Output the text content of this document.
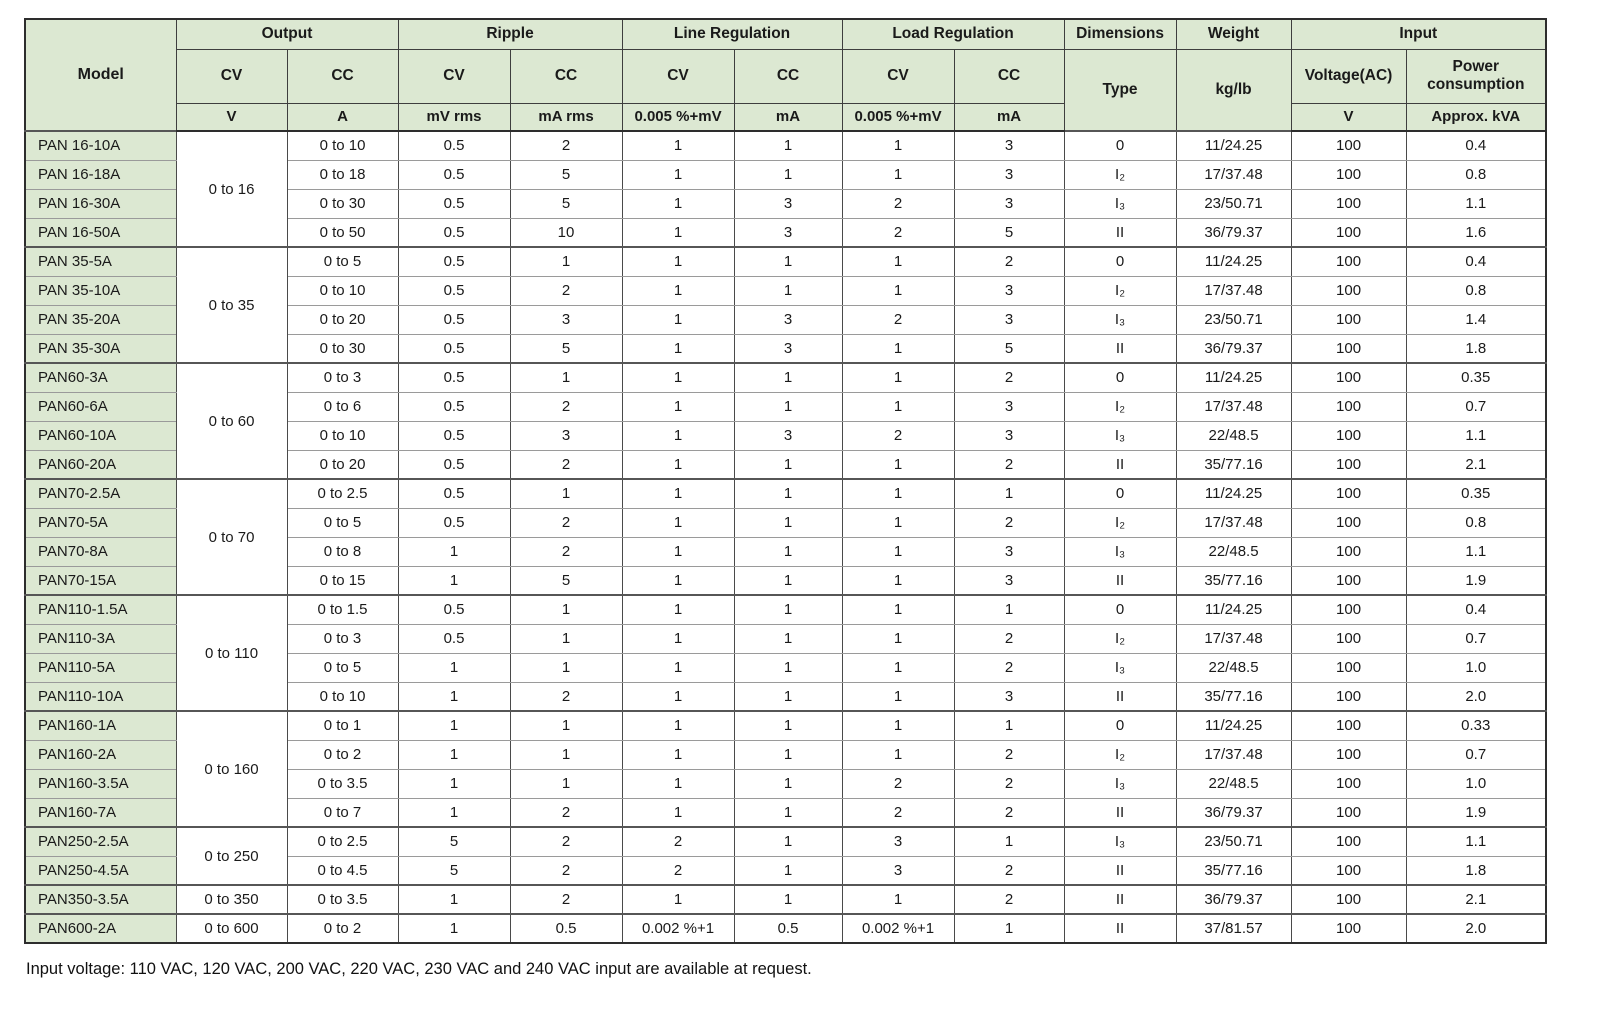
Model	Output		Ripple		Line Regulation		Load Regulation		Dimensions	Weight	Input	
	CV	CC	CV	CC	CV	CC	CV	CC	Type	kg/lb	Voltage(AC)	Power consumption
	V	A	mV rms	mA rms	0.005 %+mV	mA	0.005 %+mV	mA			V	Approx. kVA
PAN 16-10A	0 to 16	0 to 10	0.5	2	1	1	1	3	0	11/24.25	100	0.4
PAN 16-18A		0 to 18	0.5	5	1	1	1	3	I₂	17/37.48	100	0.8
PAN 16-30A		0 to 30	0.5	5	1	3	2	3	I₃	23/50.71	100	1.1
PAN 16-50A		0 to 50	0.5	10	1	3	2	5	II	36/79.37	100	1.6
PAN 35-5A	0 to 35	0 to 5	0.5	1	1	1	1	2	0	11/24.25	100	0.4
PAN 35-10A		0 to 10	0.5	2	1	1	1	3	I₂	17/37.48	100	0.8
PAN 35-20A		0 to 20	0.5	3	1	3	2	3	I₃	23/50.71	100	1.4
PAN 35-30A		0 to 30	0.5	5	1	3	1	5	II	36/79.37	100	1.8
PAN60-3A	0 to 60	0 to 3	0.5	1	1	1	1	2	0	11/24.25	100	0.35
PAN60-6A		0 to 6	0.5	2	1	1	1	3	I₂	17/37.48	100	0.7
PAN60-10A		0 to 10	0.5	3	1	3	2	3	I₃	22/48.5	100	1.1
PAN60-20A		0 to 20	0.5	2	1	1	1	2	II	35/77.16	100	2.1
PAN70-2.5A	0 to 70	0 to 2.5	0.5	1	1	1	1	1	0	11/24.25	100	0.35
PAN70-5A		0 to 5	0.5	2	1	1	1	2	I₂	17/37.48	100	0.8
PAN70-8A		0 to 8	1	2	1	1	1	3	I₃	22/48.5	100	1.1
PAN70-15A		0 to 15	1	5	1	1	1	3	II	35/77.16	100	1.9
PAN110-1.5A	0 to 110	0 to 1.5	0.5	1	1	1	1	1	0	11/24.25	100	0.4
PAN110-3A		0 to 3	0.5	1	1	1	1	2	I₂	17/37.48	100	0.7
PAN110-5A		0 to 5	1	1	1	1	1	2	I₃	22/48.5	100	1.0
PAN110-10A		0 to 10	1	2	1	1	1	3	II	35/77.16	100	2.0
PAN160-1A	0 to 160	0 to 1	1	1	1	1	1	1	0	11/24.25	100	0.33
PAN160-2A		0 to 2	1	1	1	1	1	2	I₂	17/37.48	100	0.7
PAN160-3.5A		0 to 3.5	1	1	1	1	2	2	I₃	22/48.5	100	1.0
PAN160-7A		0 to 7	1	2	1	1	2	2	II	36/79.37	100	1.9
PAN250-2.5A	0 to 250	0 to 2.5	5	2	2	1	3	1	I₃	23/50.71	100	1.1
PAN250-4.5A		0 to 4.5	5	2	2	1	3	2	II	35/77.16	100	1.8
PAN350-3.5A	0 to 350	0 to 3.5	1	2	1	1	1	2	II	36/79.37	100	2.1
PAN600-2A	0 to 600	0 to 2	1	0.5	0.002 %+1	0.5	0.002 %+1	1	II	37/81.57	100	2.0

Input voltage: 110 VAC, 120 VAC, 200 VAC, 220 VAC, 230 VAC and 240 VAC input are available at request.
